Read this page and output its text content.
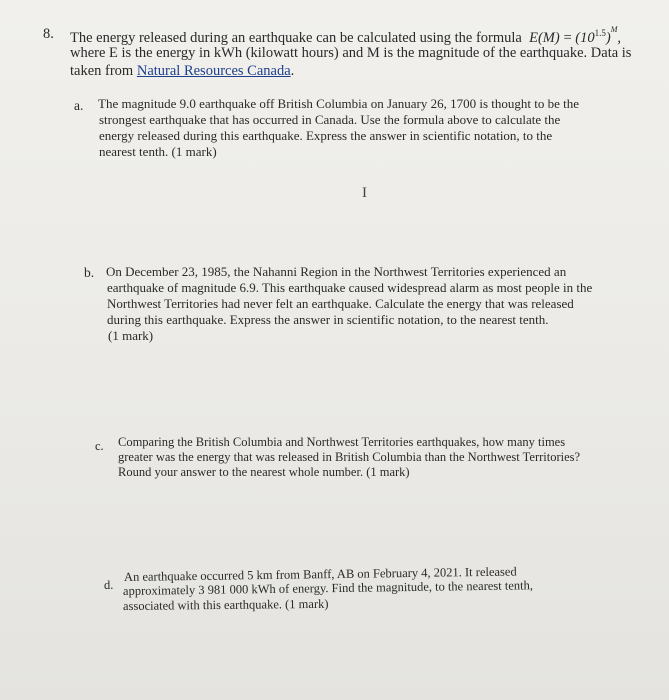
8. The energy released during an earthquake can be calculated using the formula  $E(M) = (10^{1.5})^M$,
where E is the energy in kWh (kilowatt hours) and M is the magnitude of the earthquake. Data is
taken from Natural Resources Canada.
a. The magnitude 9.0 earthquake off British Columbia on January 26, 1700 is thought to be the
strongest earthquake that has occurred in Canada. Use the formula above to calculate the
energy released during this earthquake. Express the answer in scientific notation, to the
nearest tenth. (1 mark)
I
b. On December 23, 1985, the Nahanni Region in the Northwest Territories experienced an
earthquake of magnitude 6.9. This earthquake caused widespread alarm as most people in the
Northwest Territories had never felt an earthquake. Calculate the energy that was released
during this earthquake. Express the answer in scientific notation, to the nearest tenth.
(1 mark)
c. Comparing the British Columbia and Northwest Territories earthquakes, how many times
greater was the energy that was released in British Columbia than the Northwest Territories?
Round your answer to the nearest whole number. (1 mark)
d.
An earthquake occurred 5 km from Banff, AB on February 4, 2021. It released
approximately 3 981 000 kWh of energy. Find the magnitude, to the nearest tenth,
associated with this earthquake. (1 mark)
